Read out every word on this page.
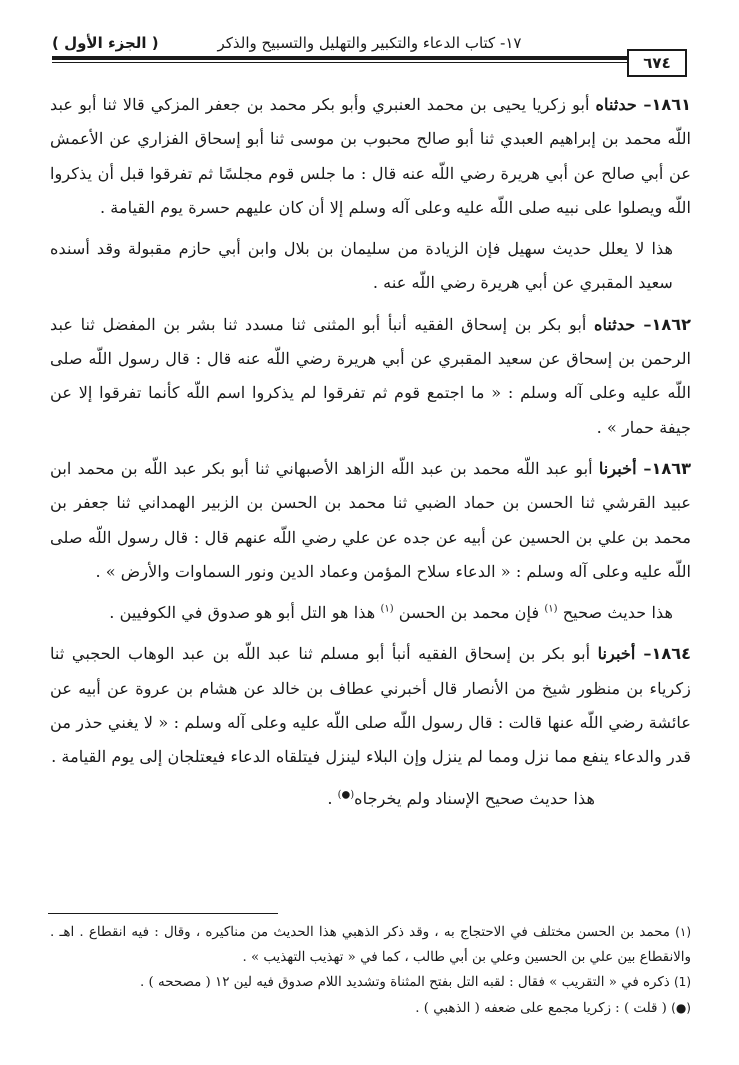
١٧- كتاب الدعاء والتكبير والتهليل والتسبيح والذكر
( الجزء الأول )
٦٧٤

١٨٦١– حدثناه أبو زكريا يحيى بن محمد العنبري وأبو بكر محمد بن جعفر المزكي قالا ثنا أبو عبد اللّه محمد بن إبراهيم العبدي ثنا أبو صالح محبوب بن موسى ثنا أبو إسحاق الفزاري عن الأعمش عن أبي صالح عن أبي هريرة رضي اللّه عنه قال : ما جلس قوم مجلسًا ثم تفرقوا قبل أن يذكروا اللّه ويصلوا على نبيه صلى اللّه عليه وعلى آله وسلم إلا أن كان عليهم حسرة يوم القيامة .

هذا لا يعلل حديث سهيل فإن الزيادة من سليمان بن بلال وابن أبي حازم مقبولة وقد أسنده سعيد المقبري عن أبي هريرة رضي اللّه عنه .

١٨٦٢– حدثناه أبو بكر بن إسحاق الفقيه أنبأ أبو المثنى ثنا مسدد ثنا بشر بن المفضل ثنا عبد الرحمن بن إسحاق عن سعيد المقبري عن أبي هريرة رضي اللّه عنه قال : قال رسول اللّه صلى اللّه عليه وعلى آله وسلم : « ما اجتمع قوم ثم تفرقوا لم يذكروا اسم اللّه كأنما تفرقوا إلا عن جيفة حمار » .

١٨٦٣– أخبرنا أبو عبد اللّه محمد بن عبد اللّه الزاهد الأصبهاني ثنا أبو بكر عبد اللّه بن محمد ابن عبيد القرشي ثنا الحسن بن حماد الضبي ثنا محمد بن الحسن بن الزبير الهمداني ثنا جعفر بن محمد بن علي بن الحسين عن أبيه عن جده عن علي رضي اللّه عنهم قال : قال رسول اللّه صلى اللّه عليه وعلى آله وسلم : « الدعاء سلاح المؤمن وعماد الدين ونور السماوات والأرض » .

هذا حديث صحيح $^{(١)}$ فإن محمد بن الحسن $^{(١)}$ هذا هو التل أبو هو صدوق في الكوفيين .

١٨٦٤– أخبرنا أبو بكر بن إسحاق الفقيه أنبأ أبو مسلم ثنا عبد اللّه بن عبد الوهاب الحجبي ثنا زكرياء بن منظور شيخ من الأنصار قال أخبرني عطاف بن خالد عن هشام بن عروة عن أبيه عن عائشة رضي اللّه عنها قالت : قال رسول اللّه صلى اللّه عليه وعلى آله وسلم : « لا يغني حذر من قدر والدعاء ينفع مما نزل ومما لم ينزل وإن البلاء لينزل فيتلقاه الدعاء فيعتلجان إلى يوم القيامة .

هذا حديث صحيح الإسناد ولم يخرجاه(●) .

(١) محمد بن الحسن مختلف في الاحتجاج به ، وقد ذكر الذهبي هذا الحديث من مناكيره ، وقال : فيه انقطاع . اهـ . والانقطاع بين علي بن الحسين وعلي بن أبي طالب ، كما في « تهذيب التهذيب » .

(1) ذكره في « التقريب » فقال : لقبه التل بفتح المثناة وتشديد اللام صدوق فيه لين ١٢ ( مصححه ) .

(●) ( قلت ) : زكريا مجمع على ضعفه ( الذهبي ) .
